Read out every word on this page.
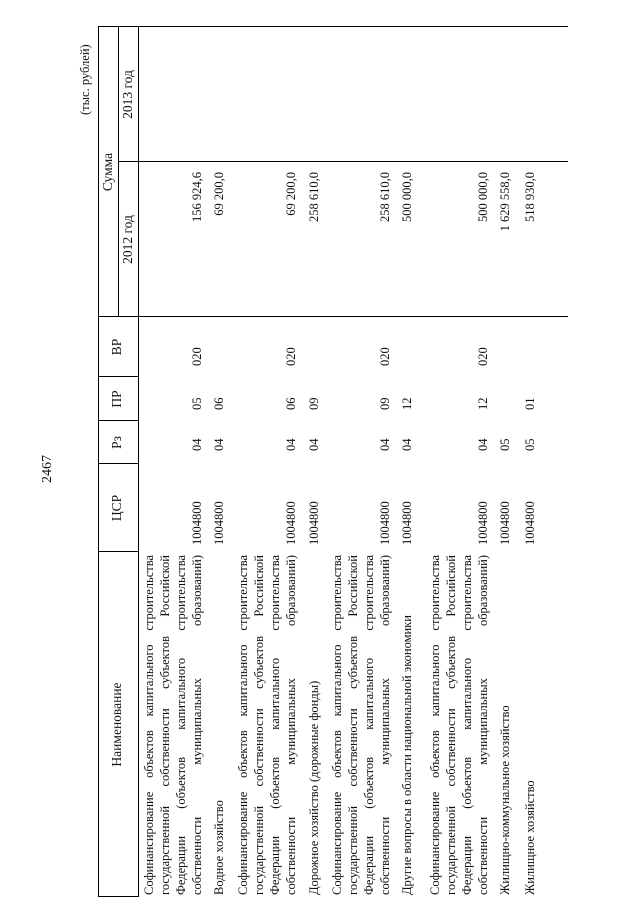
2467
(тыс. рублей)
Наименование
ЦСР
Рз
ПР
ВР
Сумма
2012 год
2013 год
Софинансирование объектов капитального строительства государственной собственности субъектов Российской Федерации (объектов капитального строительства собственности муниципальных образований)
1004800
04
05
020
156 924,6
Водное хозяйство
1004800
04
06
69 200,0
Софинансирование объектов капитального строительства государственной собственности субъектов Российской Федерации (объектов капитального строительства собственности муниципальных образований)
1004800
04
06
020
69 200,0
Дорожное хозяйство (дорожные фонды)
1004800
04
09
258 610,0
Софинансирование объектов капитального строительства государственной собственности субъектов Российской Федерации (объектов капитального строительства собственности муниципальных образований)
1004800
04
09
020
258 610,0
Другие вопросы в области национальной экономики
1004800
04
12
500 000,0
Софинансирование объектов капитального строительства государственной собственности субъектов Российской Федерации (объектов капитального строительства собственности муниципальных образований)
1004800
04
12
020
500 000,0
Жилищно-коммунальное хозяйство
1004800
05
1 629 558,0
Жилищное хозяйство
1004800
05
01
518 930,0
